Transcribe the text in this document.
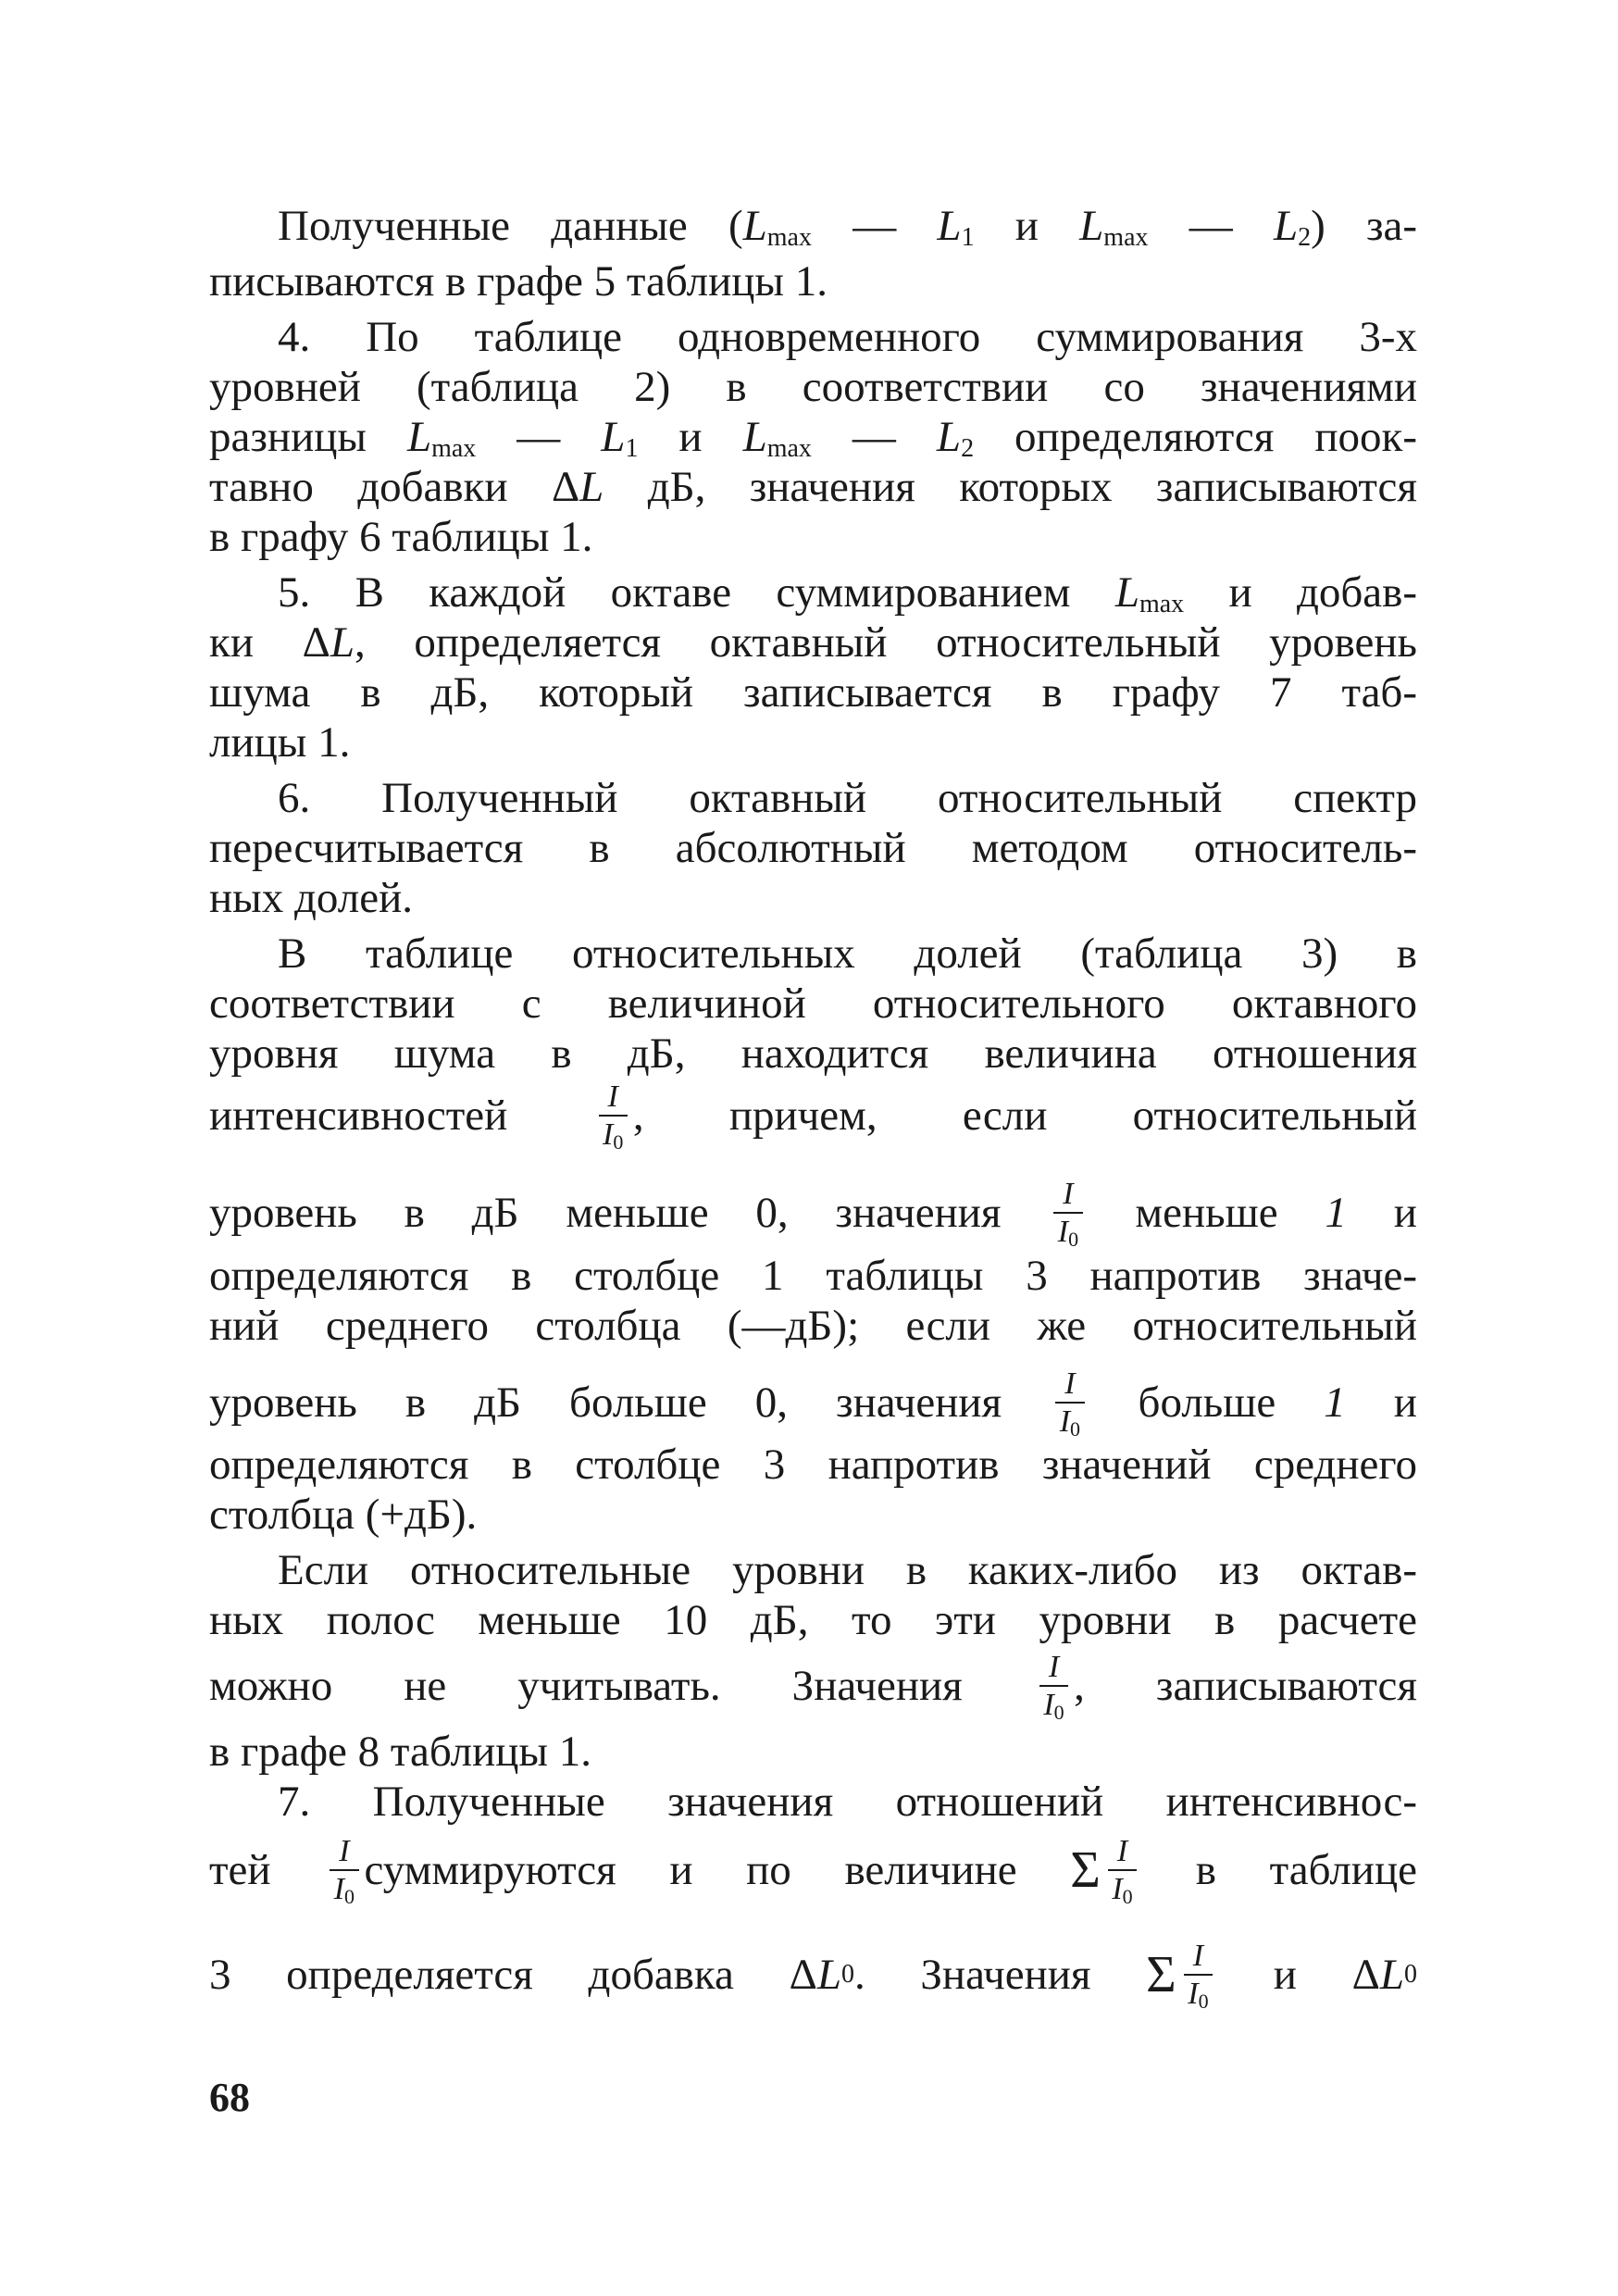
Полученные данные ($L_{max}$ — $L_1$ и $L_{max}$ — $L_2$) за-
писываются в графе 5 таблицы 1.
4. По таблице одновременного суммирования 3-х
уровней (таблица 2) в соответствии со значениями
разницы $L_{max}$ — $L_1$ и $L_{max}$ — $L_2$ определяются поок-
тавно добавки ΔL дБ, значения которых записываются
в графу 6 таблицы 1.
5. В каждой октаве суммированием $L_{max}$ и добав-
ки ΔL, определяется октавный относительный уровень
шума в дБ, который записывается в графу 7 таб-
лицы 1.
6. Полученный октавный относительный спектр
пересчитывается в абсолютный методом относитель-
ных долей.
В таблице относительных долей (таблица 3) в
соответствии с величиной относительного октавного
уровня шума в дБ, находится величина отношения
интенсивностей	$\frac{I}{I_0}$ , причем, если относительный
уровень в дБ меньше 0, значения $\frac{I}{I_0}$ меньше 1 и
определяются в столбце 1 таблицы 3 напротив значе-
ний среднего столбца (—дБ); если же относительный
уровень в дБ больше 0, значения $\frac{I}{I_0}$ больше 1 и
определяются в столбце 3 напротив значений среднего
столбца (+дБ).
Если относительные уровни в каких-либо из октав-
ных полос меньше 10 дБ, то эти уровни в расчете
можно не учитывать. Значения $\frac{I}{I_0}$ , записываются
в графе 8 таблицы 1.
7. Полученные значения отношений интенсивнос-
тей $\frac{I}{I_0}$ суммируются и по величине Σ $\frac{I}{I_0}$ в таблице
3 определяется добавка Δ L 0 . Значения Σ $\frac{I}{I_0}$ и Δ L 0
68
